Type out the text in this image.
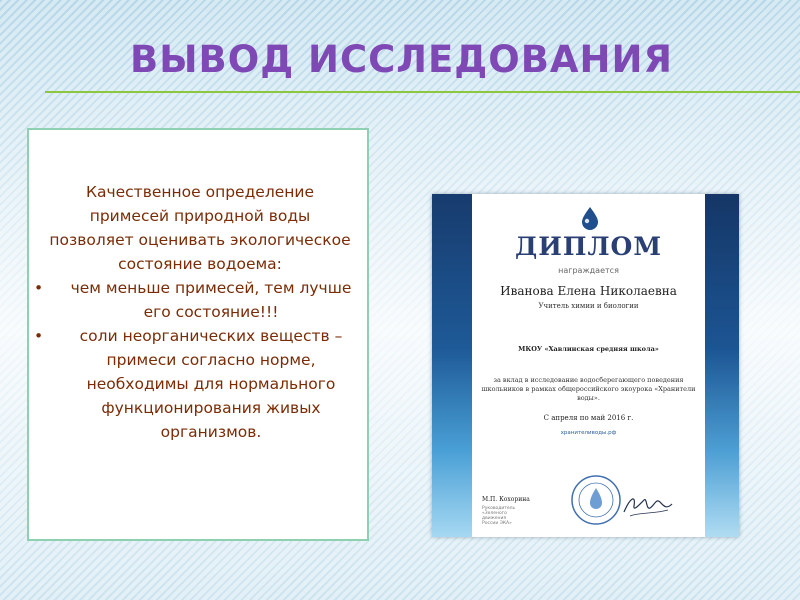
ВЫВОД ИССЛЕДОВАНИЯ
Качественное определение примесей природной воды позволяет оценивать экологическое состояние водоема:
• чем меньше примесей, тем лучше его состояние!!!
• соли неорганических веществ – примеси согласно норме, необходимы для нормального функционирования живых организмов.
ДИПЛОМ
награждается
Иванова Елена Николаевна
Учитель химии и биологии
МКОУ «Хавлинская средняя школа»
за вклад в исследование водосберегающего поведения школьников в рамках общероссийского экоурока «Хранители воды».
С апреля по май 2016 г.
хранителиводы.рф
М.П. Кохорина
Руководитель «Зеленого движения России ЭКА»
